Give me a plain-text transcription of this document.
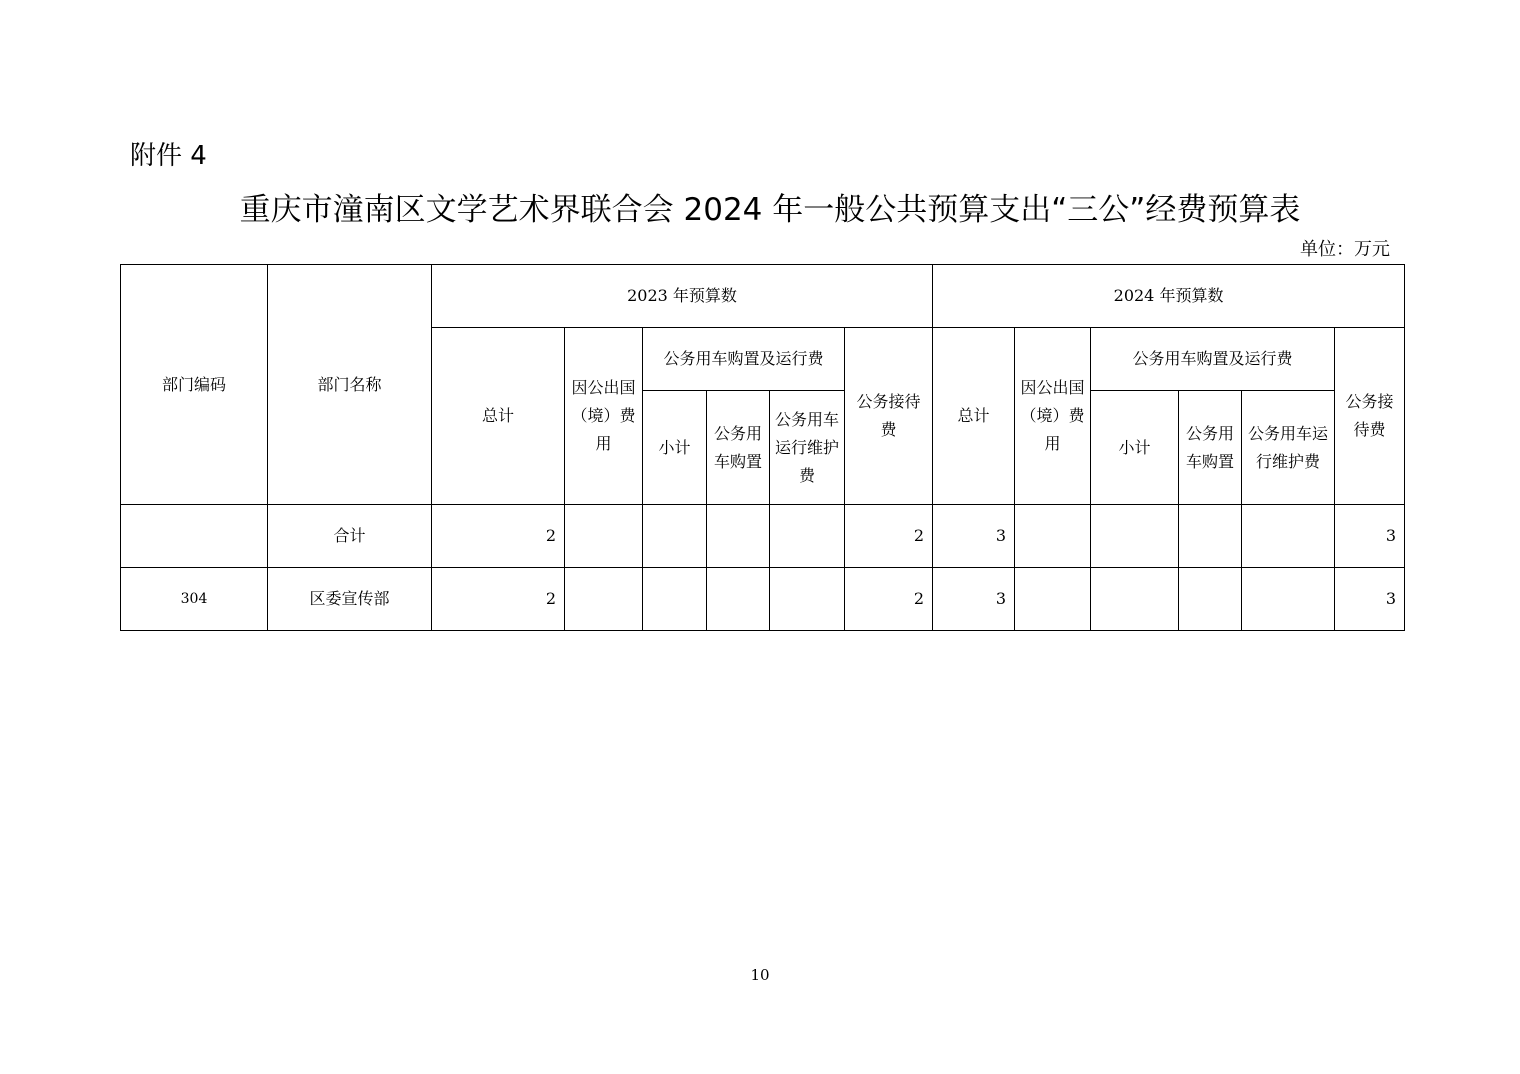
附件 4
重庆市潼南区文学艺术界联合会 2024 年一般公共预算支出“三公”经费预算表
单位：万元
部门编码	部门名称	2023 年预算数						2024 年预算数					
		总计	因公出国（境）费用	公务用车购置及运行费			公务接待费	总计	因公出国（境）费用	公务用车购置及运行费			公务接待费
				小计	公务用车购置	公务用车运行维护费				小计	公务用车购置	公务用车运行维护费	
	合计	2					2	3					3
304	区委宣传部	2					2	3					3
10
